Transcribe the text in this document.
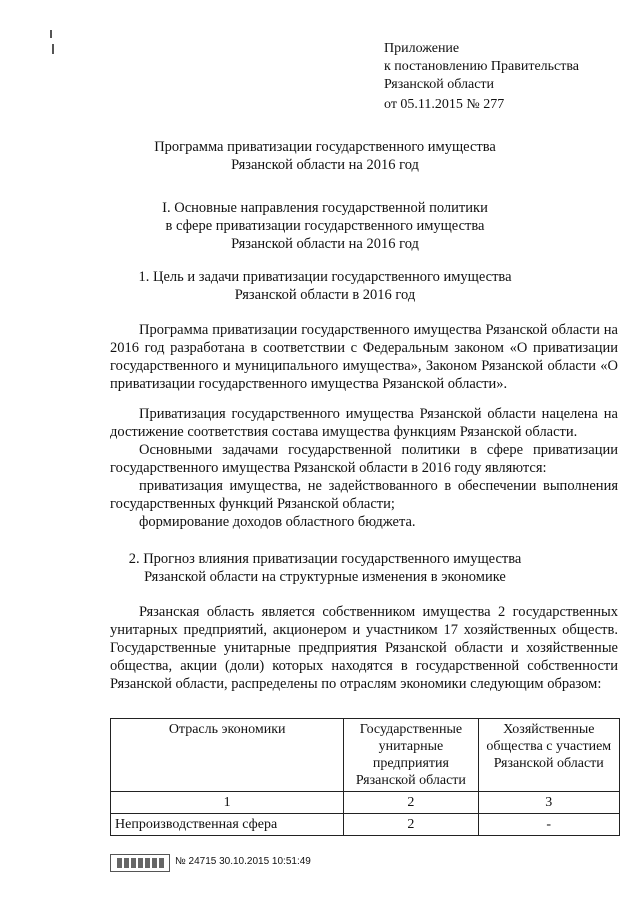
Приложение
к постановлению Правительства
Рязанской области
от 05.11.2015 № 277
Программа приватизации государственного имущества
Рязанской области на 2016 год
I. Основные направления государственной политики
в сфере приватизации государственного имущества
Рязанской области на 2016 год
1. Цель и задачи приватизации государственного имущества
Рязанской области в 2016 год
Программа приватизации государственного имущества Рязанской области на 2016 год разработана в соответствии с Федеральным законом «О приватизации государственного и муниципального имущества», Законом Рязанской области «О приватизации государственного имущества Рязанской области».
Приватизация государственного имущества Рязанской области нацелена на достижение соответствия состава имущества функциям Рязанской области.
Основными задачами государственной политики в сфере приватизации государственного имущества Рязанской области в 2016 году являются:
приватизация имущества, не задействованного в обеспечении выполнения государственных функций Рязанской области;
формирование доходов областного бюджета.
2. Прогноз влияния приватизации государственного имущества
Рязанской области на структурные изменения в экономике
Рязанская область является собственником имущества 2 государственных унитарных предприятий, акционером и участником 17 хозяйственных обществ. Государственные унитарные предприятия Рязанской области и хозяйственные общества, акции (доли) которых находятся в государственной собственности Рязанской области, распределены по отраслям экономики следующим образом:
Отрасль экономики	Государственные унитарные предприятия Рязанской области	Хозяйственные общества с участием Рязанской области
1	2	3
Непроизводственная сфера	2	-
№ 24715 30.10.2015 10:51:49
